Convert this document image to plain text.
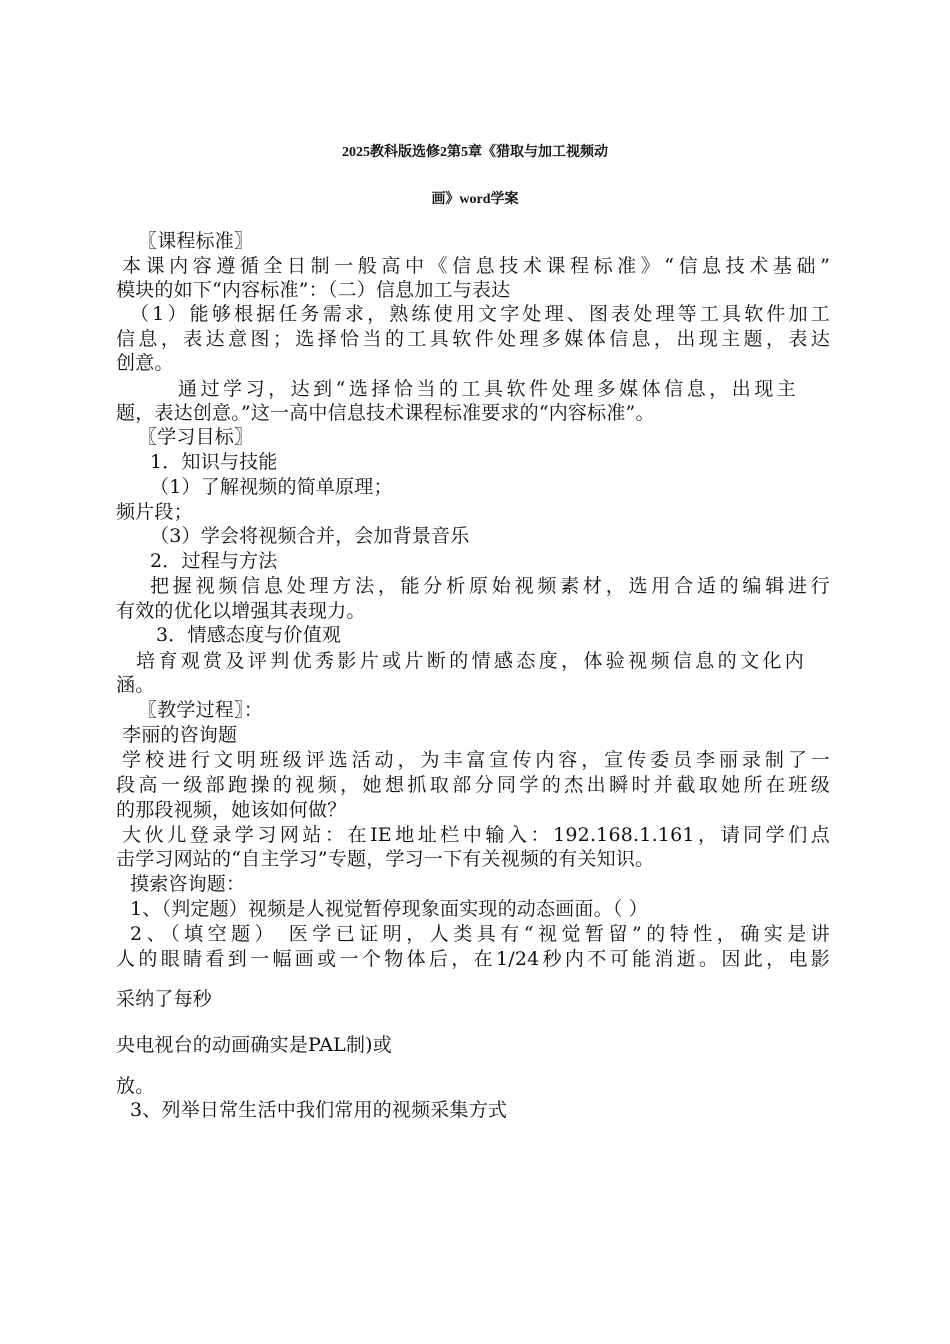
2025教科版选修2第5章《猎取与加工视频动
画》word学案
〖课程标准〗
本课内容遵循全日制一般高中《信息技术课程标准》“信息技术基础”
模块的如下“内容标准”：（二）信息加工与表达
（1）能够根据任务需求，熟练使用文字处理、图表处理等工具软件加工
信息，表达意图；选择恰当的工具软件处理多媒体信息，出现主题，表达
创意。
通过学习，达到“选择恰当的工具软件处理多媒体信息，出现主
题，表达创意。”这一高中信息技术课程标准要求的“内容标准”。
〖学习目标〗
1．知识与技能
（1）了解视频的简单原理；
频片段；
（3）学会将视频合并，会加背景音乐
2．过程与方法
把握视频信息处理方法，能分析原始视频素材，选用合适的编辑进行
有效的优化以增强其表现力。
3．情感态度与价值观
培育观赏及评判优秀影片或片断的情感态度，体验视频信息的文化内
涵。
〖教学过程〗：
李丽的咨询题
学校进行文明班级评选活动，为丰富宣传内容，宣传委员李丽录制了一
段高一级部跑操的视频，她想抓取部分同学的杰出瞬时并截取她所在班级
的那段视频，她该如何做？
大伙儿登录学习网站：在IE地址栏中输入：192.168.1.161，请同学们点
击学习网站的“自主学习”专题，学习一下有关视频的有关知识。
摸索咨询题：
1、（判定题）视频是人视觉暂停现象面实现的动态画面。（ ）
2、（填空题） 医学已证明，人类具有“视觉暂留”的特性，确实是讲
人的眼睛看到一幅画或一个物体后，在1/24秒内不可能消逝。因此，电影
采纳了每秒
央电视台的动画确实是PAL制)或
放。
3、列举日常生活中我们常用的视频采集方式
